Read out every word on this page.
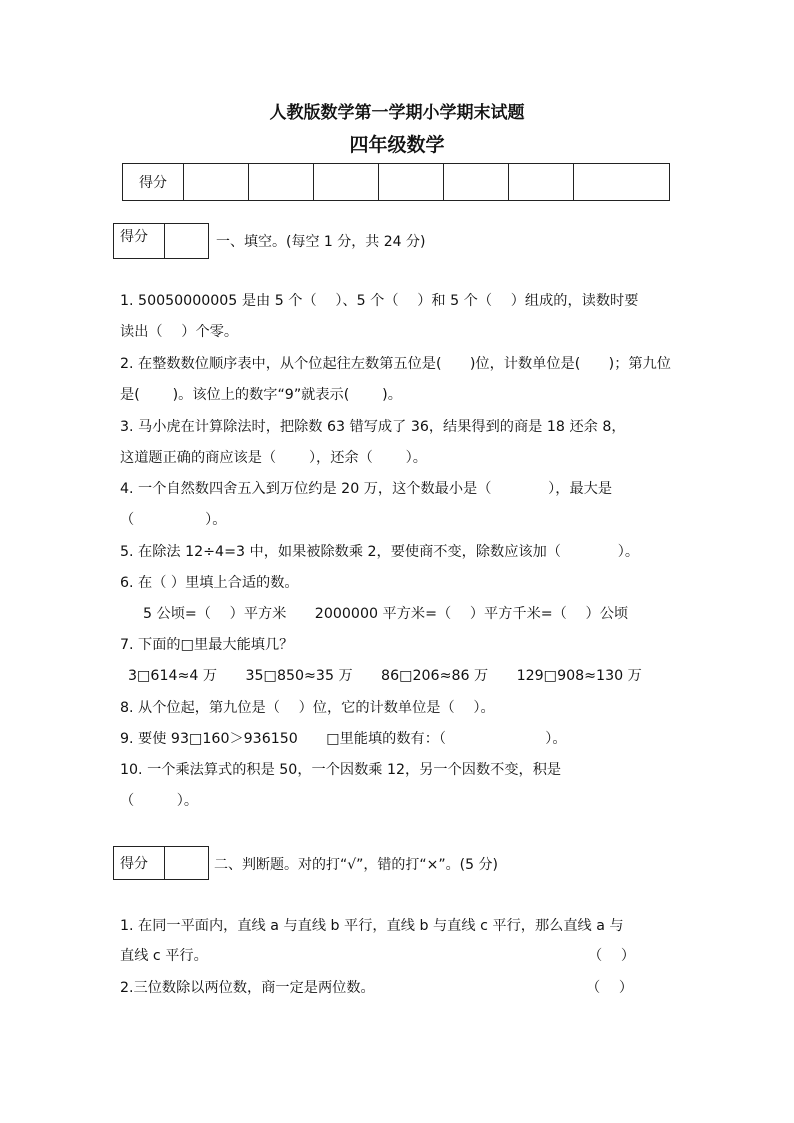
人教版数学第一学期小学期末试题
四年级数学
得分							
得分		一、填空。(每空 1 分，共 24 分)
1. 50050000005 是由 5 个（　 ）、5 个（　 ）和 5 个（　 ）组成的，读数时要
读出（　 ）个零。
2. 在整数数位顺序表中，从个位起往左数第五位是(　　)位，计数单位是(　　)；第九位
是(　　 )。该位上的数字“9”就表示(　　 )。
3. 马小虎在计算除法时，把除数 63 错写成了 36，结果得到的商是 18 还余 8，
这道题正确的商应该是（　　 ），还余（　　 ）。
4. 一个自然数四舍五入到万位约是 20 万，这个数最小是（　　　　），最大是
（　　　　　）。
5. 在除法 12÷4=3 中，如果被除数乘 2，要使商不变，除数应该加（　　　　）。
6. 在（ ）里填上合适的数。
5 公顷=（　 ）平方米　　2000000 平方米=（　 ）平方千米=（　 ）公顷
7. 下面的□里最大能填几？
3□614≈4 万　　35□850≈35 万　　86□206≈86 万　　129□908≈130 万
8. 从个位起，第九位是（　 ）位，它的计数单位是（　 ）。
9. 要使 93□160＞936150　　□里能填的数有：（　　　　　　　）。
10. 一个乘法算式的积是 50，一个因数乘 12，另一个因数不变，积是
（　　　）。
得分		二、判断题。对的打“√”，错的打“×”。(5 分)
1. 在同一平面内，直线 a 与直线 b 平行，直线 b 与直线 c 平行，那么直线 a 与
直线 c 平行。	（　 ）
2.三位数除以两位数，商一定是两位数。	（　 ）
